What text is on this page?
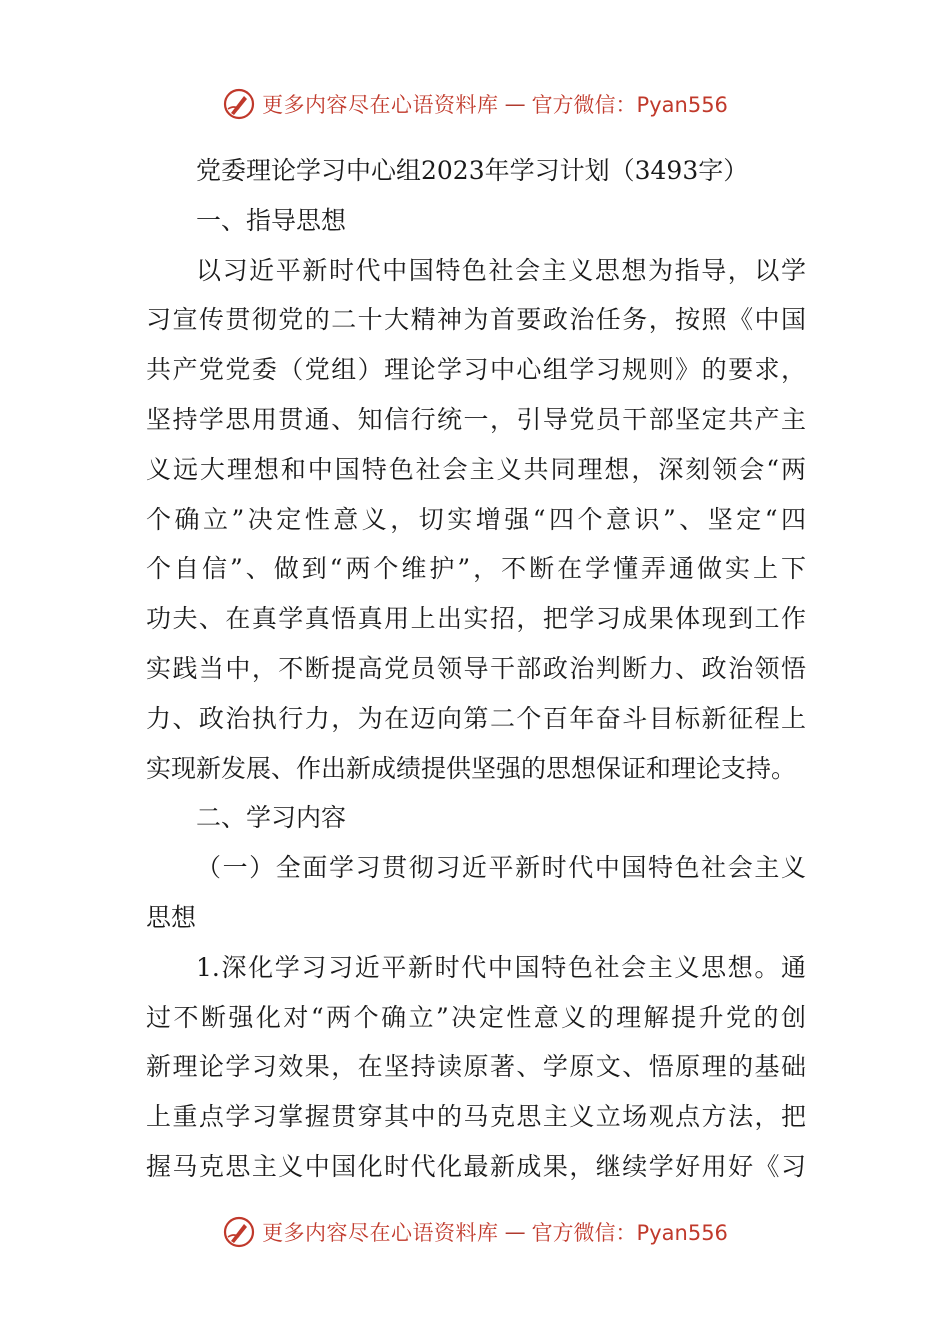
更多内容尽在心语资料库 — 官方微信：Pyan556
党委理论学习中心组2023年学习计划（3493字）
一、指导思想
以习近平新时代中国特色社会主义思想为指导，以学
习宣传贯彻党的二十大精神为首要政治任务，按照《中国
共产党党委（党组）理论学习中心组学习规则》的要求，
坚持学思用贯通、知信行统一，引导党员干部坚定共产主
义远大理想和中国特色社会主义共同理想，深刻领会“两
个确立”决定性意义，切实增强“四个意识”、坚定“四
个自信”、做到“两个维护”，不断在学懂弄通做实上下
功夫、在真学真悟真用上出实招，把学习成果体现到工作
实践当中，不断提高党员领导干部政治判断力、政治领悟
力、政治执行力，为在迈向第二个百年奋斗目标新征程上
实现新发展、作出新成绩提供坚强的思想保证和理论支持。
二、学习内容
（一）全面学习贯彻习近平新时代中国特色社会主义
思想
1.深化学习习近平新时代中国特色社会主义思想。通
过不断强化对“两个确立”决定性意义的理解提升党的创
新理论学习效果，在坚持读原著、学原文、悟原理的基础
上重点学习掌握贯穿其中的马克思主义立场观点方法，把
握马克思主义中国化时代化最新成果，继续学好用好《习
更多内容尽在心语资料库 — 官方微信：Pyan556
